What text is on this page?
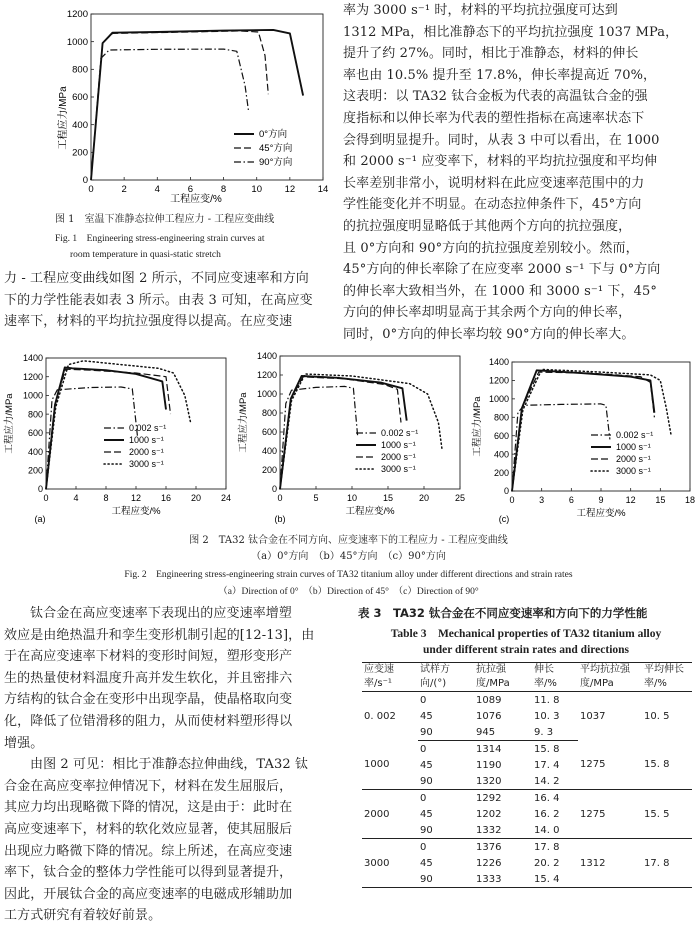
工程应力/MPa
0	2	4	6	8	10 12 14
0
200
400
600
800
1000
1200
0°方向
45°方向
90°方向
工程应变/%
图 1　室温下准静态拉伸工程应力 - 工程应变曲线
Fig. 1　Engineering stress-engineering strain curves at
room temperature in quasi-static stretch
力 - 工程应变曲线如图 2 所示，不同应变速率和方向
下的力学性能表如表 3 所示。由表 3 可知，在高应变
速率下，材料的平均抗拉强度得以提高。在应变速
率为 3000 s⁻¹ 时，材料的平均抗拉强度可达到
1312 MPa，相比准静态下的平均抗拉强度 1037 MPa，
提升了约 27%。同时，相比于准静态，材料的伸长
率也由 10.5% 提升至 17.8%，伸长率提高近 70%，
这表明：以 TA32 钛合金板为代表的高温钛合金的强
度指标和以伸长率为代表的塑性指标在高速率状态下
会得到明显提升。同时，从表 3 中可以看出，在 1000
和 2000 s⁻¹ 应变率下，材料的平均抗拉强度和平均伸
长率差别非常小，说明材料在此应变速率范围中的力
学性能变化并不明显。在动态拉伸条件下，45°方向
的抗拉强度明显略低于其他两个方向的抗拉强度，
且 0°方向和 90°方向的抗拉强度差别较小。然而，
45°方向的伸长率除了在应变率 2000 s⁻¹ 下与 0°方向
的伸长率大致相当外，在 1000 和 3000 s⁻¹ 下，45°
方向的伸长率却明显高于其余两个方向的伸长率，
同时，0°方向的伸长率均较 90°方向的伸长率大。
0	4	8 12 16 20 24
0
200
400
600
800
1000
1200
1400
工程应力/MPa
工程应变/%
0.002 s⁻¹
1000 s⁻¹
2000 s⁻¹
3000 s⁻¹
(a)
0	5	10	15	20	25
0
200
400
600
800
1000
1200
1400
工程应力/MPa
工程应变/%
0.002 s⁻¹
1000 s⁻¹
2000 s⁻¹
3000 s⁻¹
(b)
0	3	6	9 12 15 18
0
200
400
600
800
1000
1200
1400
工程应力/MPa
工程应变/%
0.002 s⁻¹
1000 s⁻¹
2000 s⁻¹
3000 s⁻¹
(c)
图 2　TA32 钛合金在不同方向、应变速率下的工程应力 - 工程应变曲线
（a）0°方向　（b）45°方向　（c）90°方向
Fig. 2　Engineering stress-engineering strain curves of TA32 titanium alloy under different directions and strain rates
（a）Direction of 0°　（b）Direction of 45°　（c）Direction of 90°
钛合金在高应变速率下表现出的应变速率增塑
效应是由绝热温升和孪生变形机制引起的[12-13]，由
于在高应变速率下材料的变形时间短，塑形变形产
生的热量使材料温度升高并发生软化，并且密排六
方结构的钛合金在变形中出现孪晶，使晶格取向变
化，降低了位错滑移的阻力，从而使材料塑形得以
增强。
由图 2 可见：相比于准静态拉伸曲线，TA32 钛
合金在高应变率拉伸情况下，材料在发生屈服后，
其应力均出现略微下降的情况，这是由于：此时在
高应变速率下，材料的软化效应显著，使其屈服后
出现应力略微下降的情况。综上所述，在高应变速
率下，钛合金的整体力学性能可以得到显著提升，
因此，开展钛合金的高应变速率的电磁成形辅助加
工方式研究有着较好前景。
表 3　TA32 钛合金在不同应变速率和方向下的力学性能
Table 3　Mechanical properties of TA32 titanium alloy
under different strain rates and directions
应变速率/s⁻¹	试样方向/(°)	抗拉强度/MPa	伸长率/%	平均抗拉强度/MPa	平均伸长率/%
0. 002	0	1089	11. 8	1037	10. 5
	45	1076	10. 3		
	90	945	9. 3		
1000	0	1314	15. 8	1275	15. 8
	45	1190	17. 4		
	90	1320	14. 2		
2000	0	1292	16. 4	1275	15. 5
	45	1202	16. 2		
	90	1332	14. 0		
3000	0	1376	17. 8	1312	17. 8
	45	1226	20. 2		
	90	1333	15. 4		
